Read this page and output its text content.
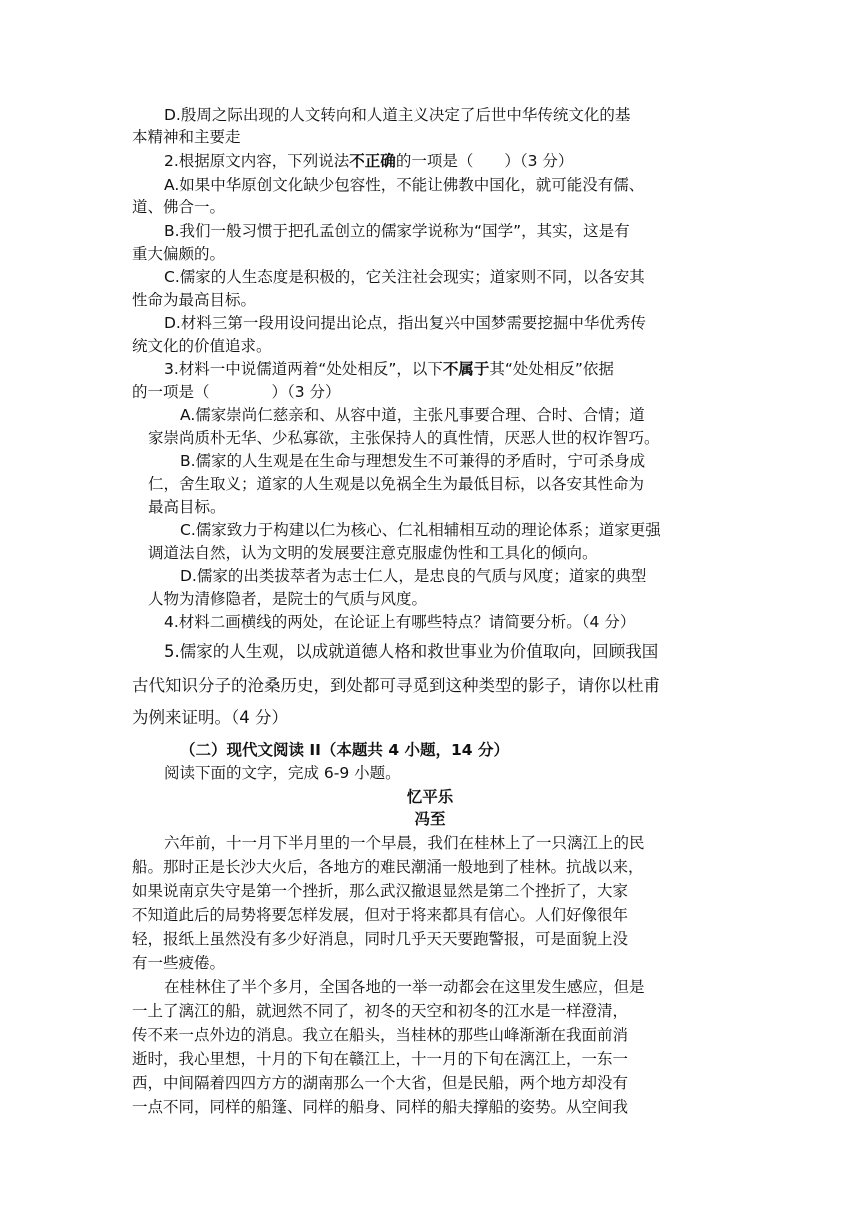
D.殷周之际出现的人文转向和人道主义决定了后世中华传统文化的基

本精神和主要走

2.根据原文内容，下列说法不正确的一项是（　　）（3 分）

A.如果中华原创文化缺少包容性，不能让佛教中国化，就可能没有儒、

道、佛合一。

B.我们一般习惯于把孔孟创立的儒家学说称为“国学”，其实，这是有

重大偏颇的。

C.儒家的人生态度是积极的，它关注社会现实；道家则不同，以各安其

性命为最高目标。

D.材料三第一段用设问提出论点，指出复兴中国梦需要挖掘中华优秀传

统文化的价值追求。

3.材料一中说儒道两着“处处相反”，以下不属于其“处处相反”依据

的一项是（　　　　）（3 分）

A.儒家崇尚仁慈亲和、从容中道，主张凡事要合理、合时、合情；道

家崇尚质朴无华、少私寡欲，主张保持人的真性情，厌恶人世的权诈智巧。

B.儒家的人生观是在生命与理想发生不可兼得的矛盾时，宁可杀身成

仁，舍生取义；道家的人生观是以免祸全生为最低目标，以各安其性命为

最高目标。

C.儒家致力于构建以仁为核心、仁礼相辅相互动的理论体系；道家更强

调道法自然，认为文明的发展要注意克服虚伪性和工具化的倾向。

D.儒家的出类拔萃者为志士仁人，是忠良的气质与风度；道家的典型

人物为清修隐者，是院士的气质与风度。

4.材料二画横线的两处，在论证上有哪些特点？请简要分析。（4 分）

5.儒家的人生观，以成就道德人格和救世事业为价值取向，回顾我国

古代知识分子的沧桑历史，到处都可寻觅到这种类型的影子，请你以杜甫

为例来证明。（4 分）

（二）现代文阅读 II（本题共 4 小题，14 分）

阅读下面的文字，完成 6-9 小题。

忆平乐

冯至

六年前，十一月下半月里的一个早晨，我们在桂林上了一只漓江上的民

船。那时正是长沙大火后，各地方的难民潮涌一般地到了桂林。抗战以来，

如果说南京失守是第一个挫折，那么武汉撤退显然是第二个挫折了，大家

不知道此后的局势将要怎样发展，但对于将来都具有信心。人们好像很年

轻，报纸上虽然没有多少好消息，同时几乎天天要跑警报，可是面貌上没

有一些疲倦。

在桂林住了半个多月，全国各地的一举一动都会在这里发生感应，但是

一上了漓江的船，就迥然不同了，初冬的天空和初冬的江水是一样澄清，

传不来一点外边的消息。我立在船头，当桂林的那些山峰渐渐在我面前消

逝时，我心里想，十月的下旬在赣江上，十一月的下旬在漓江上，一东一

西，中间隔着四四方方的湖南那么一个大省，但是民船，两个地方却没有

一点不同，同样的船篷、同样的船身、同样的船夫撑船的姿势。从空间我
